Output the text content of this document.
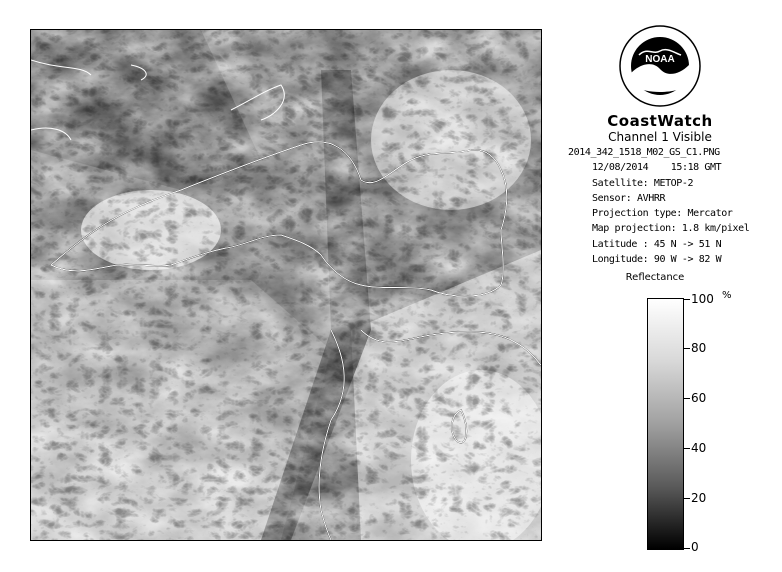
NOAA
CoastWatch
Channel 1 Visible
2014_342_1518_M02_GS_C1.PNG
12/08/2014 15:18 GMT
Satellite: METOP-2
Sensor: AVHRR
Projection type: Mercator
Map projection: 1.8 km/pixel
Latitude : 45 N -> 51 N
Longitude: 90 W -> 82 W
Reflectance
%
100
80
60
40
20
0
